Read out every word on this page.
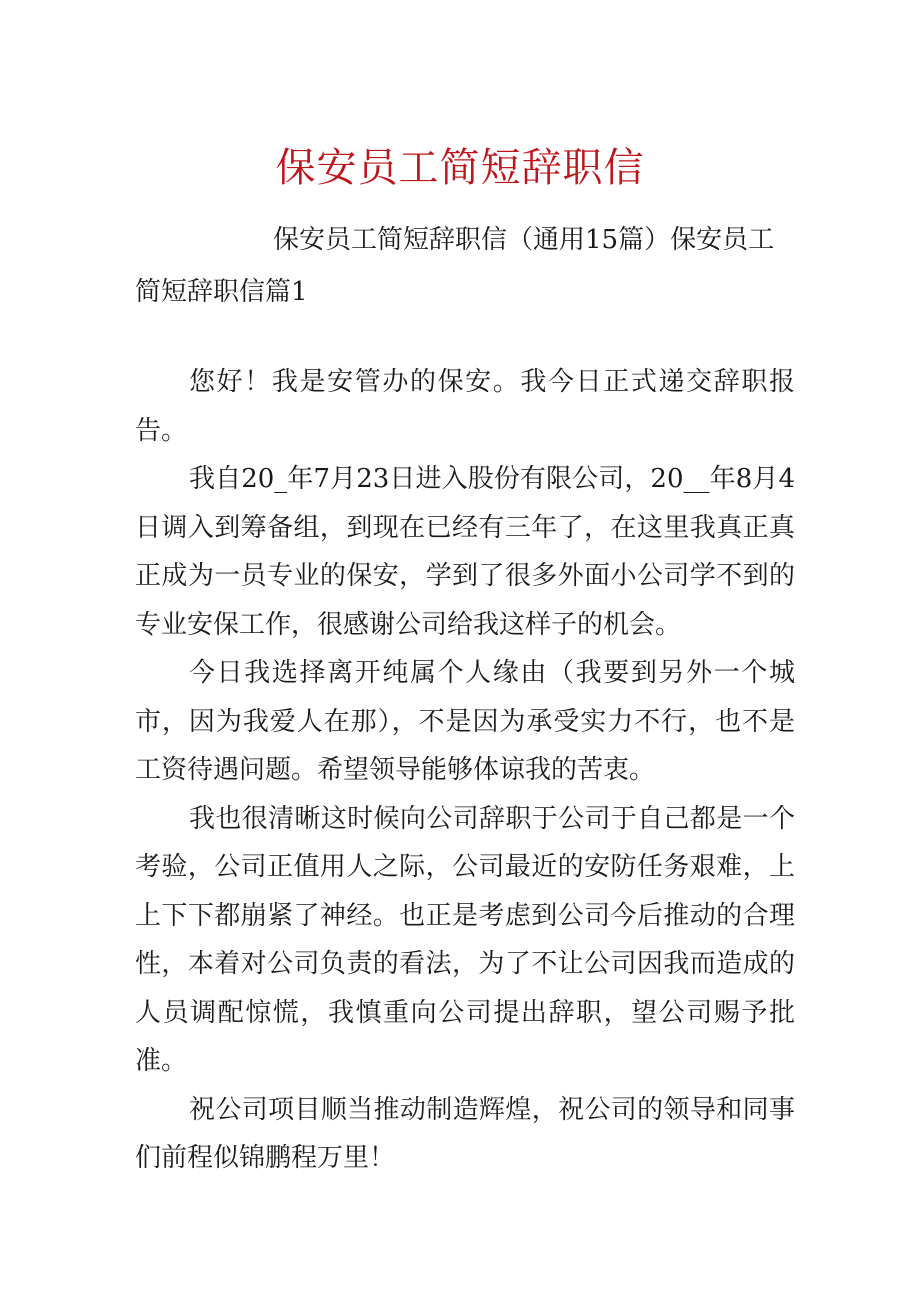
保安员工简短辞职信

保安员工简短辞职信（通用15篇）保安员工简短辞职信篇1

您好！我是安管办的保安。我今日正式递交辞职报告。

我自20_年7月23日进入股份有限公司，20__年8月4日调入到筹备组，到现在已经有三年了，在这里我真正真正成为一员专业的保安，学到了很多外面小公司学不到的专业安保工作，很感谢公司给我这样子的机会。

今日我选择离开纯属个人缘由（我要到另外一个城市，因为我爱人在那），不是因为承受实力不行，也不是工资待遇问题。希望领导能够体谅我的苦衷。

我也很清晰这时候向公司辞职于公司于自己都是一个考验，公司正值用人之际，公司最近的安防任务艰难，上上下下都崩紧了神经。也正是考虑到公司今后推动的合理性，本着对公司负责的看法，为了不让公司因我而造成的人员调配惊慌，我慎重向公司提出辞职，望公司赐予批准。

祝公司项目顺当推动制造辉煌，祝公司的领导和同事们前程似锦鹏程万里！
